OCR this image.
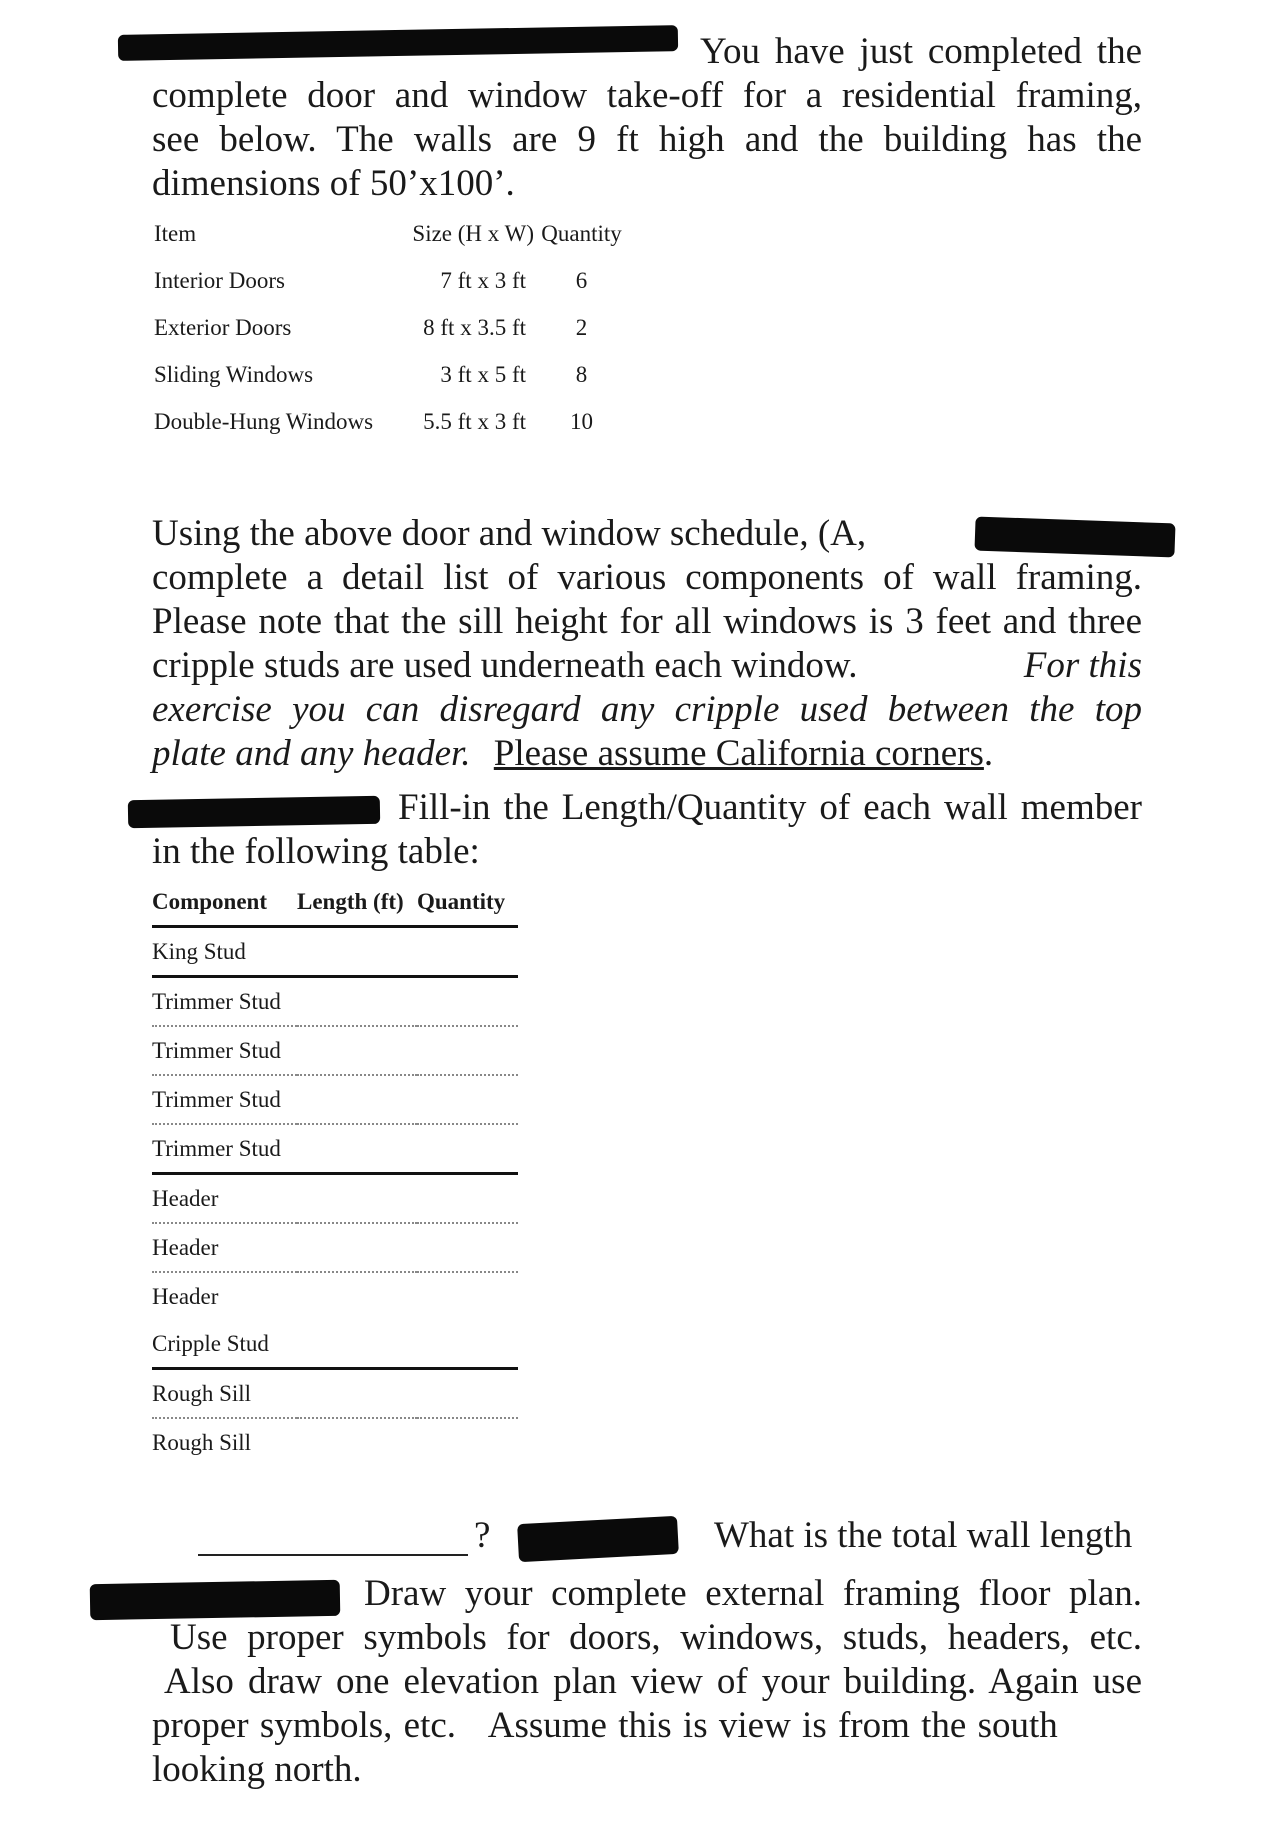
You have just completed the
complete door and window take-off for a residential framing,
see below. The walls are 9 ft high and the building has the
dimensions of 50’x100’.
Item	Size (H x W)	Quantity
Interior Doors	7 ft x 3 ft	6
Exterior Doors	8 ft x 3.5 ft	2
Sliding Windows	3 ft x 5 ft	8
Double-Hung Windows	5.5 ft x 3 ft	10
Using the above door and window schedule, (A,
complete a detail list of various components of wall framing.
Please note that the sill height for all windows is 3 feet and three
cripple studs are used underneath each window.	For this
exercise you can disregard any cripple used between the top
plate and any header. Please assume California corners.
Fill-in the Length/Quantity of each wall member
in the following table:
Component	Length (ft)	Quantity
King Stud		
Trimmer Stud		
Trimmer Stud		
Trimmer Stud		
Trimmer Stud		
Header		
Header		
Header		
Cripple Stud		
Rough Sill		
Rough Sill		
?	What is the total wall length
Draw your complete external framing floor plan.
Use proper symbols for doors, windows, studs, headers, etc.
Also draw one elevation plan view of your building. Again use
proper symbols, etc.   Assume this is view is from the south
looking north.
